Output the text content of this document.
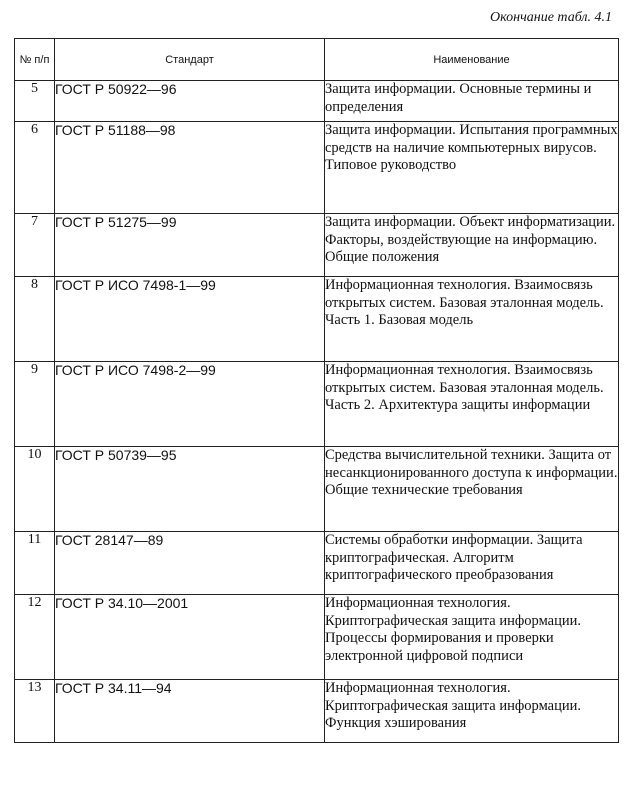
Окончание табл. 4.1
№ п/п	Стандарт	Наименование
5	ГОСТ Р 50922—96	Защита информации. Основные термины и определения
6	ГОСТ Р 51188—98	Защита информации. Испытания программных средств на наличие компьютерных вирусов. Типовое руководство
7	ГОСТ Р 51275—99	Защита информации. Объект информатизации. Факторы, воздействующие на информацию. Общие положения
8	ГОСТ Р ИСО 7498-1—99	Информационная технология. Взаимосвязь открытых систем. Базовая эталонная модель. Часть 1. Базовая модель
9	ГОСТ Р ИСО 7498-2—99	Информационная технология. Взаимосвязь открытых систем. Базовая эталонная модель. Часть 2. Архитектура защиты информации
10	ГОСТ Р 50739—95	Средства вычислительной техники. Защита от несанкционированного доступа к информации. Общие технические требования
11	ГОСТ 28147—89	Системы обработки информации. Защита криптографическая. Алгоритм криптографического преобразования
12	ГОСТ Р 34.10—2001	Информационная технология. Криптографическая защита информации. Процессы формирования и проверки электронной цифровой подписи
13	ГОСТ Р 34.11—94	Информационная технология. Криптографическая защита информации. Функция хэширования
